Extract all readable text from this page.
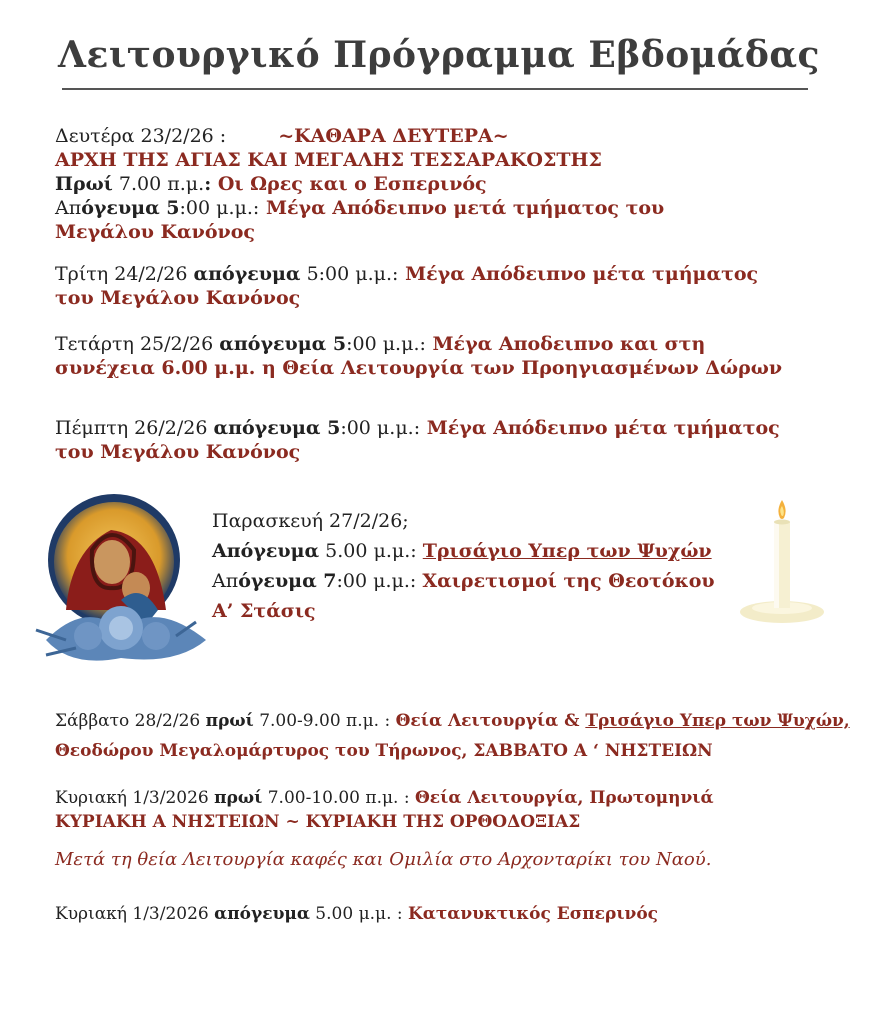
Λειτουργικό Πρόγραμμα Εβδομάδας
Δευτέρα 23/2/26 :	~ΚΑΘΑΡΑ ΔΕΥΤΕΡΑ~
ΑΡΧΗ ΤΗΣ ΑΓΙΑΣ ΚΑΙ ΜΕΓΑΛΗΣ ΤΕΣΣΑΡΑΚΟΣΤΗΣ
Πρωί 7.00 π.μ.: Οι Ωρες και ο Εσπερινός
Απόγευμα 5:00 μ.μ.: Μέγα Απόδειπνο μετά τμήματος του Μεγάλου Κανόνος
Τρίτη 24/2/26 απόγευμα 5:00 μ.μ.: Μέγα Απόδειπνο μέτα τμήματος του Μεγάλου Κανόνος
Τετάρτη 25/2/26 απόγευμα 5:00 μ.μ.: Μέγα Αποδειπνο και στη συνέχεια 6.00 μ.μ. η Θεία Λειτουργία των Προηγιασμένων Δώρων
Πέμπτη 26/2/26 απόγευμα 5:00 μ.μ.: Μέγα Απόδειπνο μέτα τμήματος του Μεγάλου Κανόνος
Παρασκευή 27/2/26;
Απόγευμα 5.00 μ.μ.: Τρισάγιο Υπερ των Ψυχών
Απόγευμα 7:00 μ.μ.: Χαιρετισμοί της Θεοτόκου
Α’ Στάσις
Σάββατο 28/2/26 πρωί 7.00-9.00 π.μ. : Θεία Λειτουργία & Τρισάγιο Υπερ των Ψυχών,
Θεοδώρου Μεγαλομάρτυρος του Τήρωνος, ΣΑΒΒΑΤΟ Α ‘ ΝΗΣΤΕΙΩΝ
Κυριακή 1/3/2026 πρωί 7.00-10.00 π.μ. : Θεία Λειτουργία, Πρωτομηνιά
ΚΥΡΙΑΚΗ Α ΝΗΣΤΕΙΩΝ ~ ΚΥΡΙΑΚΗ ΤΗΣ ΟΡΘΟΔΟΞΙΑΣ
Μετά τη θεία Λειτουργία καφές και Ομιλία στο Αρχονταρίκι του Ναού.
Κυριακή 1/3/2026 απόγευμα 5.00 μ.μ. : Κατανυκτικός Εσπερινός
